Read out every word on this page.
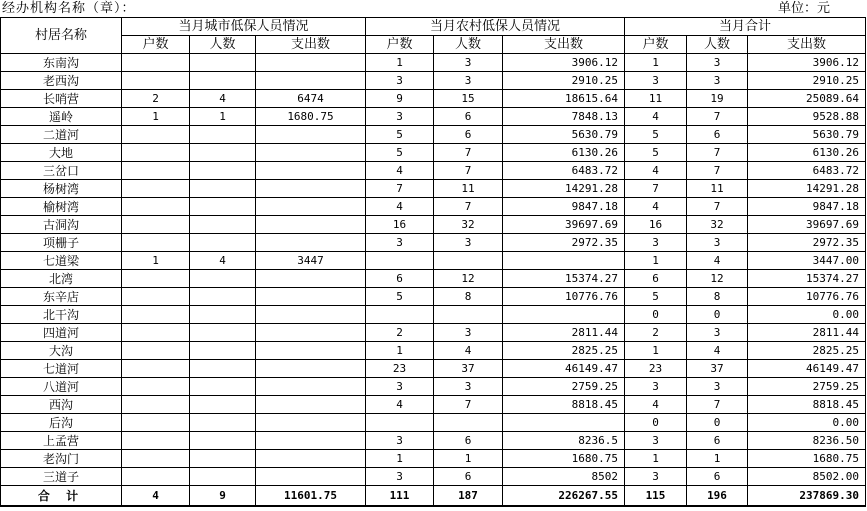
经办机构名称（章）：	单位：元
村居名称	当月城市低保人员情况			当月农村低保人员情况			当月合计		
	户数	人数	支出数	户数	人数	支出数	户数	人数	支出数
东南沟				1	3	3906.12	1	3	3906.12
老西沟				3	3	2910.25	3	3	2910.25
长哨营	2	4	6474	9	15	18615.64	11	19	25089.64
遥岭	1	1	1680.75	3	6	7848.13	4	7	9528.88
二道河				5	6	5630.79	5	6	5630.79
大地				5	7	6130.26	5	7	6130.26
三岔口				4	7	6483.72	4	7	6483.72
杨树湾				7	11	14291.28	7	11	14291.28
榆树湾				4	7	9847.18	4	7	9847.18
古洞沟				16	32	39697.69	16	32	39697.69
项栅子				3	3	2972.35	3	3	2972.35
七道梁	1	4	3447				1	4	3447.00
北湾				6	12	15374.27	6	12	15374.27
东辛店				5	8	10776.76	5	8	10776.76
北干沟							0	0	0.00
四道河				2	3	2811.44	2	3	2811.44
大沟				1	4	2825.25	1	4	2825.25
七道河				23	37	46149.47	23	37	46149.47
八道河				3	3	2759.25	3	3	2759.25
西沟				4	7	8818.45	4	7	8818.45
后沟							0	0	0.00
上孟营				3	6	8236.5	3	6	8236.50
老沟门				1	1	1680.75	1	1	1680.75
三道子				3	6	8502	3	6	8502.00
合 计	4	9	11601.75	111	187	226267.55	115	196	237869.30
